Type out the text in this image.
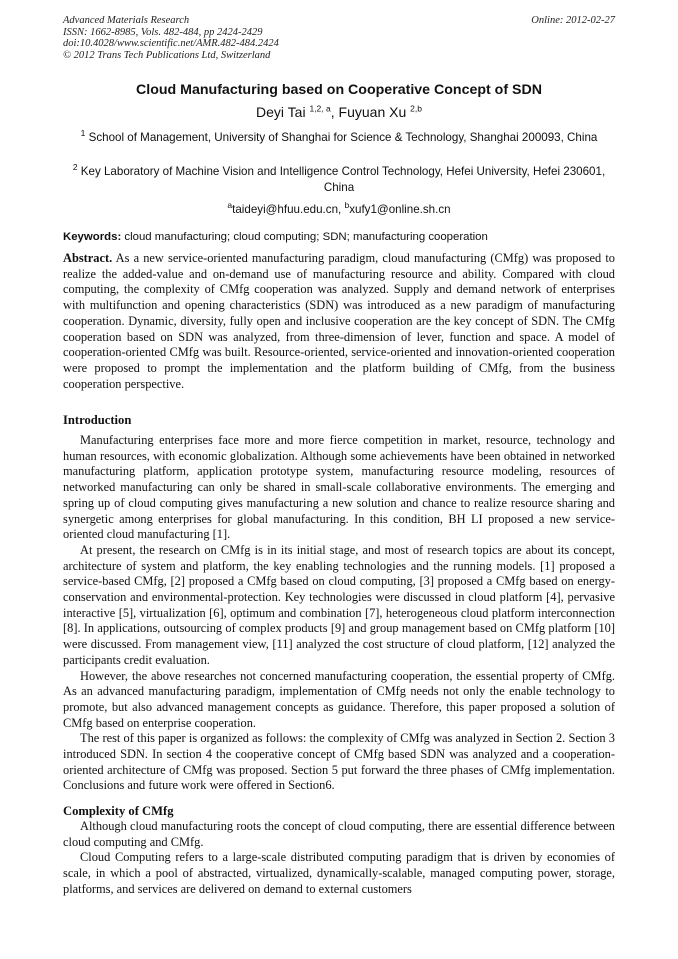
Advanced Materials Research
ISSN: 1662-8985, Vols. 482-484, pp 2424-2429
doi:10.4028/www.scientific.net/AMR.482-484.2424
© 2012 Trans Tech Publications Ltd, Switzerland
Online: 2012-02-27
Cloud Manufacturing based on Cooperative Concept of SDN
Deyi Tai $^{1,2, a}$, Fuyuan Xu $^{2,b}$
$^1$ School of Management, University of Shanghai for Science & Technology, Shanghai 200093, China
$^2$ Key Laboratory of Machine Vision and Intelligence Control Technology, Hefei University, Hefei 230601, China
$^a$taideyi@hfuu.edu.cn, $^b$xufy1@online.sh.cn
Keywords: cloud manufacturing; cloud computing; SDN; manufacturing cooperation

Abstract. As a new service-oriented manufacturing paradigm, cloud manufacturing (CMfg) was proposed to realize the added-value and on-demand use of manufacturing resource and ability. Compared with cloud computing, the complexity of CMfg cooperation was analyzed. Supply and demand network of enterprises with multifunction and opening characteristics (SDN) was introduced as a new paradigm of manufacturing cooperation. Dynamic, diversity, fully open and inclusive cooperation are the key concept of SDN. The CMfg cooperation based on SDN was analyzed, from three-dimension of lever, function and space. A model of cooperation-oriented CMfg was built. Resource-oriented, service-oriented and innovation-oriented cooperation were proposed to prompt the implementation and the platform building of CMfg, from the business cooperation perspective.

Introduction

Manufacturing enterprises face more and more fierce competition in market, resource, technology and human resources, with economic globalization. Although some achievements have been obtained in networked manufacturing platform, application prototype system, manufacturing resource modeling, resources of networked manufacturing can only be shared in small-scale collaborative environments. The emerging and spring up of cloud computing gives manufacturing a new solution and chance to realize resource sharing and synergetic among enterprises for global manufacturing. In this condition, BH LI proposed a new service-oriented cloud manufacturing [1].

At present, the research on CMfg is in its initial stage, and most of research topics are about its concept, architecture of system and platform, the key enabling technologies and the running models. [1] proposed a service-based CMfg, [2] proposed a CMfg based on cloud computing, [3] proposed a CMfg based on energy-conservation and environmental-protection. Key technologies were discussed in cloud platform [4], pervasive interactive [5], virtualization [6], optimum and combination [7], heterogeneous cloud platform interconnection [8]. In applications, outsourcing of complex products [9] and group management based on CMfg platform [10] were discussed. From management view, [11] analyzed the cost structure of cloud platform, [12] analyzed the participants credit evaluation.

However, the above researches not concerned manufacturing cooperation, the essential property of CMfg. As an advanced manufacturing paradigm, implementation of CMfg needs not only the enable technology to promote, but also advanced management concepts as guidance. Therefore, this paper proposed a solution of CMfg based on enterprise cooperation.

The rest of this paper is organized as follows: the complexity of CMfg was analyzed in Section 2. Section 3 introduced SDN. In section 4 the cooperative concept of CMfg based SDN was analyzed and a cooperation-oriented architecture of CMfg was proposed. Section 5 put forward the three phases of CMfg implementation. Conclusions and future work were offered in Section6.

Complexity of CMfg

Although cloud manufacturing roots the concept of cloud computing, there are essential difference between cloud computing and CMfg.

Cloud Computing refers to a large-scale distributed computing paradigm that is driven by economies of scale, in which a pool of abstracted, virtualized, dynamically-scalable, managed computing power, storage, platforms, and services are delivered on demand to external customers
